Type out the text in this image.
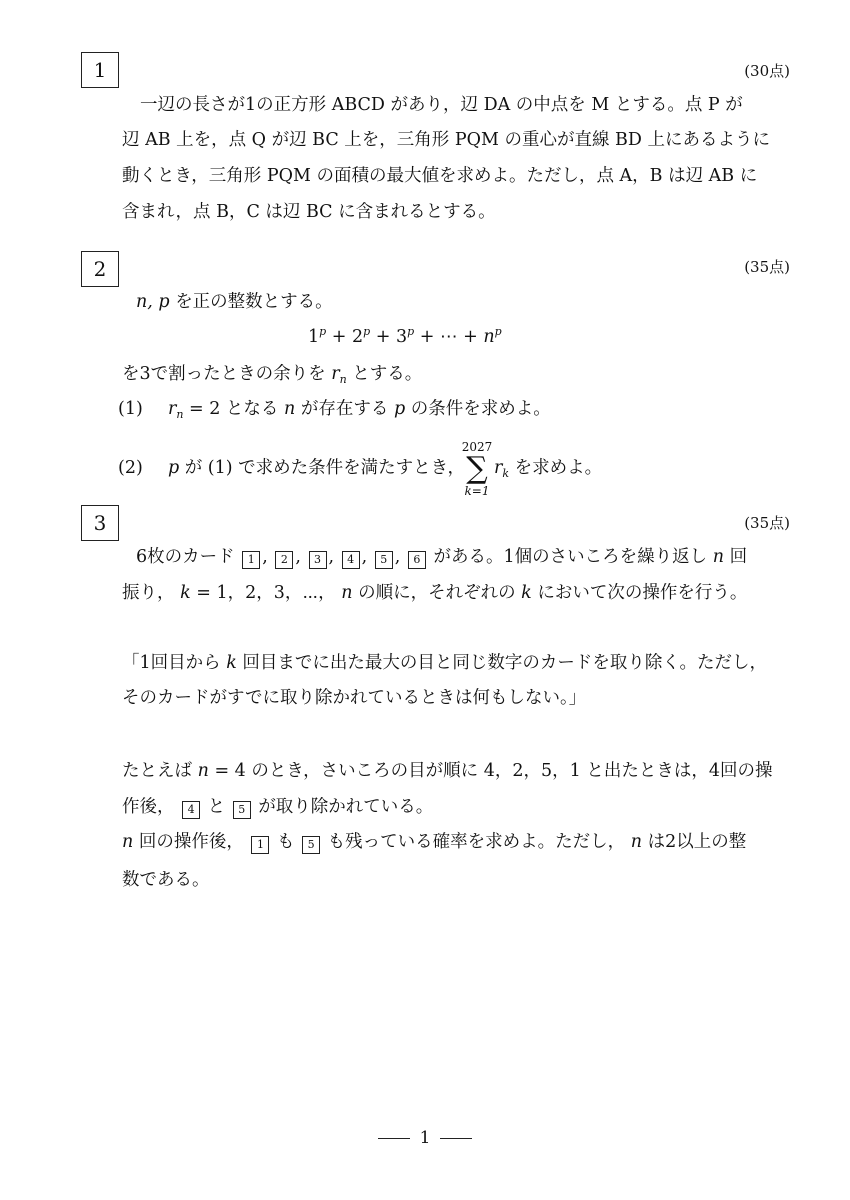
1	(30点)
一辺の長さが1の正方形 ABCD があり，辺 DA の中点を M とする。点 P が
辺 AB 上を，点 Q が辺 BC 上を，三角形 PQM の重心が直線 BD 上にあるように
動くとき，三角形 PQM の面積の最大値を求めよ。ただし，点 A，B は辺 AB に
含まれ，点 B，C は辺 BC に含まれるとする。
2	(35点)
n, p を正の整数とする。
$1^p + 2^p + 3^p$ + ⋯ + $n^p$
を3で割ったときの余りを $r_n$ とする。
(1) $r_n = 2$ となる n が存在する p の条件を求めよ。
(2) p が (1) で求めた条件を満たすとき，
2027
∑
k=1
$r_k$ を求めよ。
3	(35点)
6枚のカード 1 , 2 , 3 , 4 , 5 , 6 がある。1個のさいころを繰り返し n 回
振り， k = 1，2，3，⋯， n の順に，それぞれの k において次の操作を行う。
「1回目から k 回目までに出た最大の目と同じ数字のカードを取り除く。ただし，
そのカードがすでに取り除かれているときは何もしない。」
たとえば n = 4 のとき，さいころの目が順に 4，2，5，1 と出たときは，4回の操
作後， 4 と 5 が取り除かれている。
n 回の操作後， 1 も 5 も残っている確率を求めよ。ただし， n は2以上の整
数である。
1
